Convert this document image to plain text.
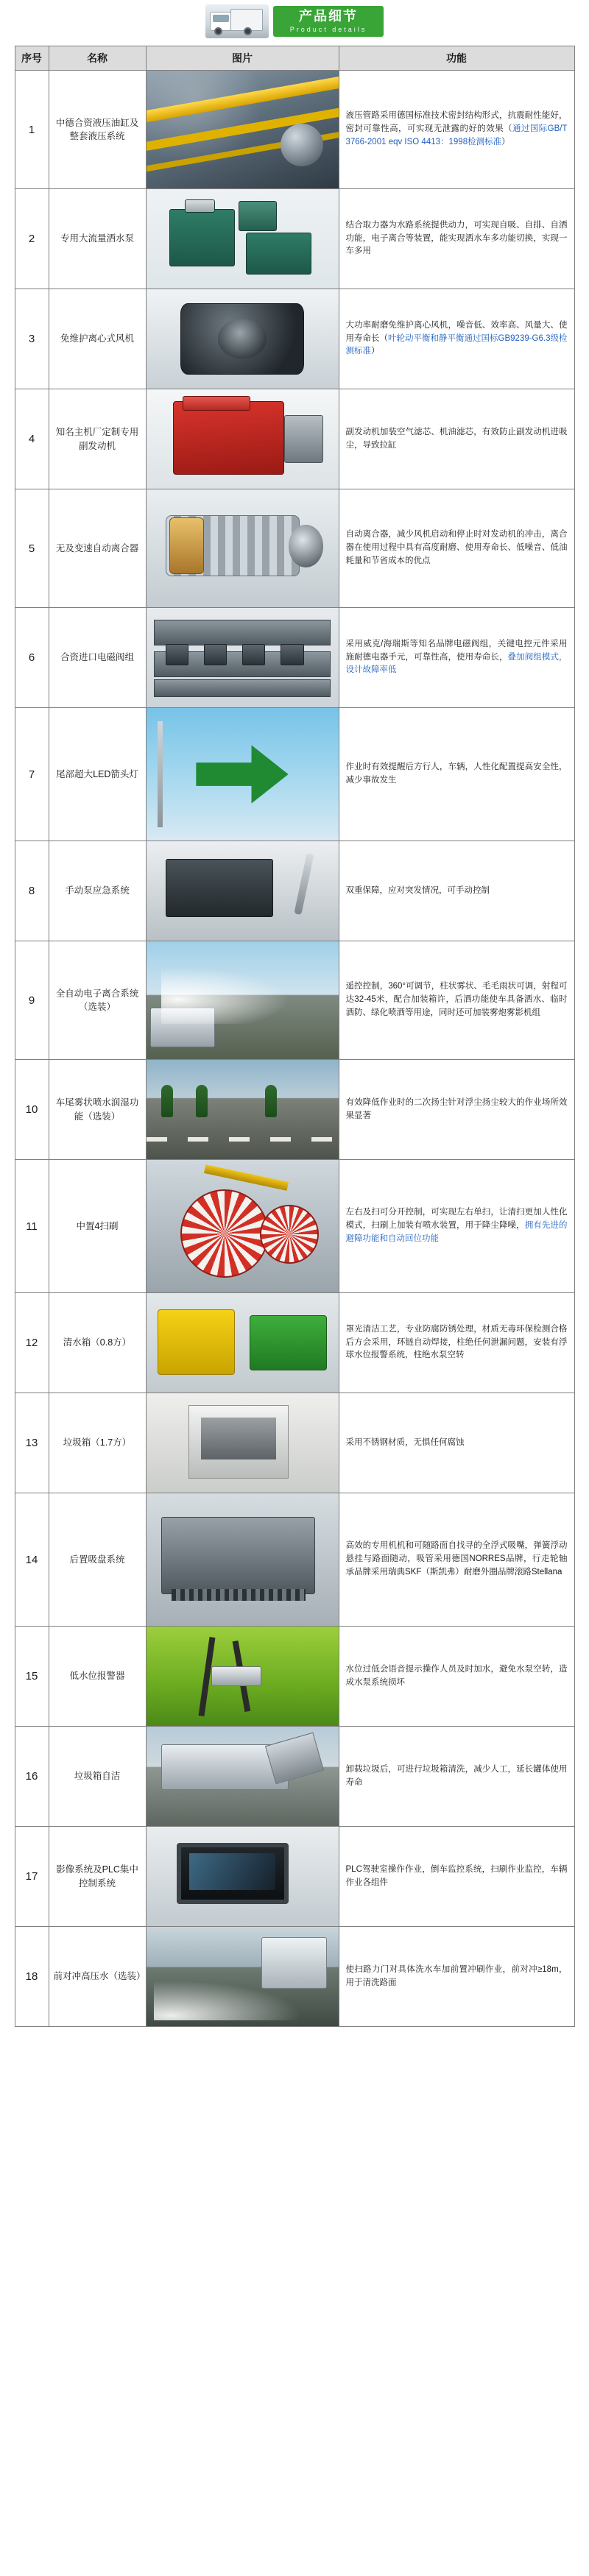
产品细节
Product details
序号	名称	图片	功能
1	中德合资液压油缸及整套液压系统		液压管路采用德国标准技术密封结构形式，抗震耐性能好，密封可靠性高，可实现无泄露的好的效果（通过国际GB/T 3766-2001 eqv ISO 4413：1998检测标准）
2	专用大流量洒水泵		结合取力器为水路系统提供动力，可实现自吸、自排、自洒功能，电子离合等装置，能实现洒水车多功能切换，实现一车多用
3	免维护离心式风机		大功率耐磨免维护离心风机，噪音低、效率高、风量大、使用寿命长（叶轮动平衡和静平衡通过国标GB9239-G6.3级检测标准）
4	知名主机厂定制专用副发动机		副发动机加装空气滤芯、机油滤芯，有效防止副发动机进吸尘，导致拉缸
5	无及变速自动离合器		自动离合器，减少风机启动和停止时对发动机的冲击，离合器在使用过程中具有高度耐磨、使用寿命长、低噪音、低油耗量和节省成本的优点
6	合资进口电磁阀组		采用威克/海瑞斯等知名品牌电磁阀组，关键电控元件采用施耐德电器手元，可靠性高，使用寿命长，叠加阀组模式，设计故障率低
7	尾部超大LED箭头灯		作业时有效提醒后方行人，车辆，人性化配置提高安全性，减少事故发生
8	手动泵应急系统		双重保障，应对突发情况，可手动控制
9	全自动电子离合系统（选装）		遥控控制，360°可调节，柱状雾状、毛毛雨状可调，射程可达32-45米，配合加装箱许，后洒功能使车具备洒水、临时洒防、绿化喷洒等用途，同时还可加装雾炮雾影机组
10	车尾雾状喷水润湿功能（选装）		有效降低作业时的二次扬尘针对浮尘扬尘较大的作业场所效果显著
11	中置4扫刷		左右及扫可分开控制，可实现左右单扫，让清扫更加人性化模式，扫刷上加装有喷水装置，用于降尘降噪，拥有先进的避障功能和自动回位功能
12	清水箱（0.8方）		罩光清洁工艺，专业防腐防锈处理，材质无毒环保检测合格后方会采用，环链自动焊接，柱绝任何泄漏问题，安装有浮球水位报警系统，柱绝水泵空转
13	垃圾箱（1.7方）		采用不锈钢材质，无惧任何腐蚀
14	后置吸盘系统		高效的专用机机和可随路面自找寻的全浮式吸嘴，弹簧浮动悬挂与路面随动，吸管采用德国NORRES品牌，行走轮轴承品牌采用瑞典SKF（斯凯弗）耐磨外圈品牌滚路Stellana
15	低水位报警器		水位过低会语音提示操作人员及时加水，避免水泵空转，造成水泵系统损坏
16	垃圾箱自洁		卸载垃圾后，可进行垃圾箱清洗，减少人工，延长罐体使用寿命
17	影像系统及PLC集中控制系统		PLC驾驶室操作作业，倒车监控系统，扫刷作业监控，车辆作业各组件
18	前对冲高压水（选装）		使扫路力门对具体洗水车加前置冲刷作业，前对冲≥18m，用于清洗路面
